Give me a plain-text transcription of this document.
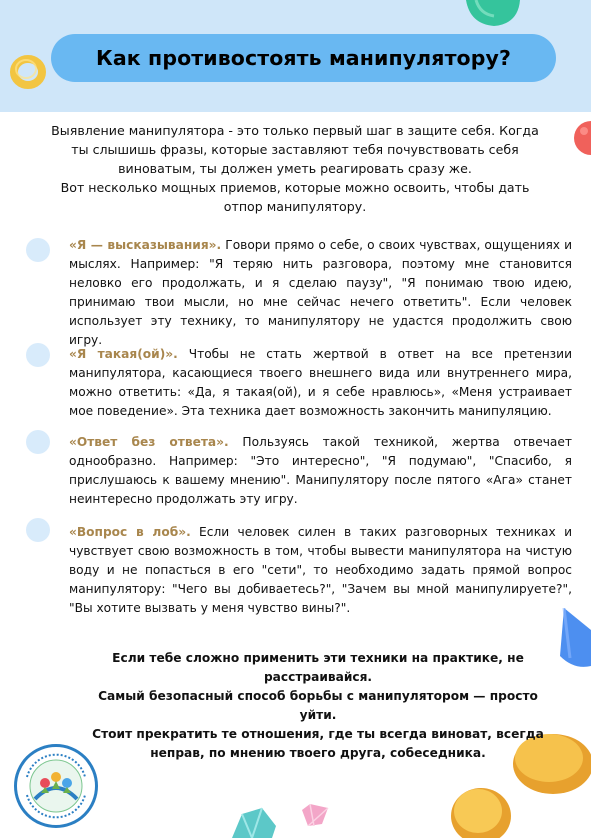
Как противостоять манипулятору?

Выявление манипулятора - это только первый шаг в защите себя. Когда ты слышишь фразы, которые заставляют тебя почувствовать себя виноватым, ты должен уметь реагировать сразу же.

Вот несколько мощных приемов, которые можно освоить, чтобы дать отпор манипулятору.

«Я — высказывания». Говори прямо о себе, о своих чувствах, ощущениях и мыслях. Например: "Я теряю нить разговора, поэтому мне становится неловко его продолжать, и я сделаю паузу", "Я понимаю твою идею, принимаю твои мысли, но мне сейчас нечего ответить". Если человек использует эту технику, то манипулятору не удастся продолжить свою игру.

«Я такая(ой)». Чтобы не стать жертвой в ответ на все претензии манипулятора, касающиеся твоего внешнего вида или внутреннего мира, можно ответить: «Да, я такая(ой), и я себе нравлюсь», «Меня устраивает мое поведение». Эта техника дает возможность закончить манипуляцию.

«Ответ без ответа». Пользуясь такой техникой, жертва отвечает однообразно. Например: "Это интересно", "Я подумаю", "Спасибо, я прислушаюсь к вашему мнению". Манипулятору после пятого «Ага» станет неинтересно продолжать эту игру.

«Вопрос в лоб». Если человек силен в таких разговорных техниках и чувствует свою возможность в том, чтобы вывести манипулятора на чистую воду и не попасться в его "сети", то необходимо задать прямой вопрос манипулятору: "Чего вы добиваетесь?", "Зачем вы мной манипулируете?", "Вы хотите вызвать у меня чувство вины?".

Если тебе сложно применить эти техники на практике, не расстраивайся.

Самый безопасный способ борьбы с манипулятором — просто уйти.

Стоит прекратить те отношения, где ты всегда виноват, всегда неправ, по мнению твоего друга, собеседника.
